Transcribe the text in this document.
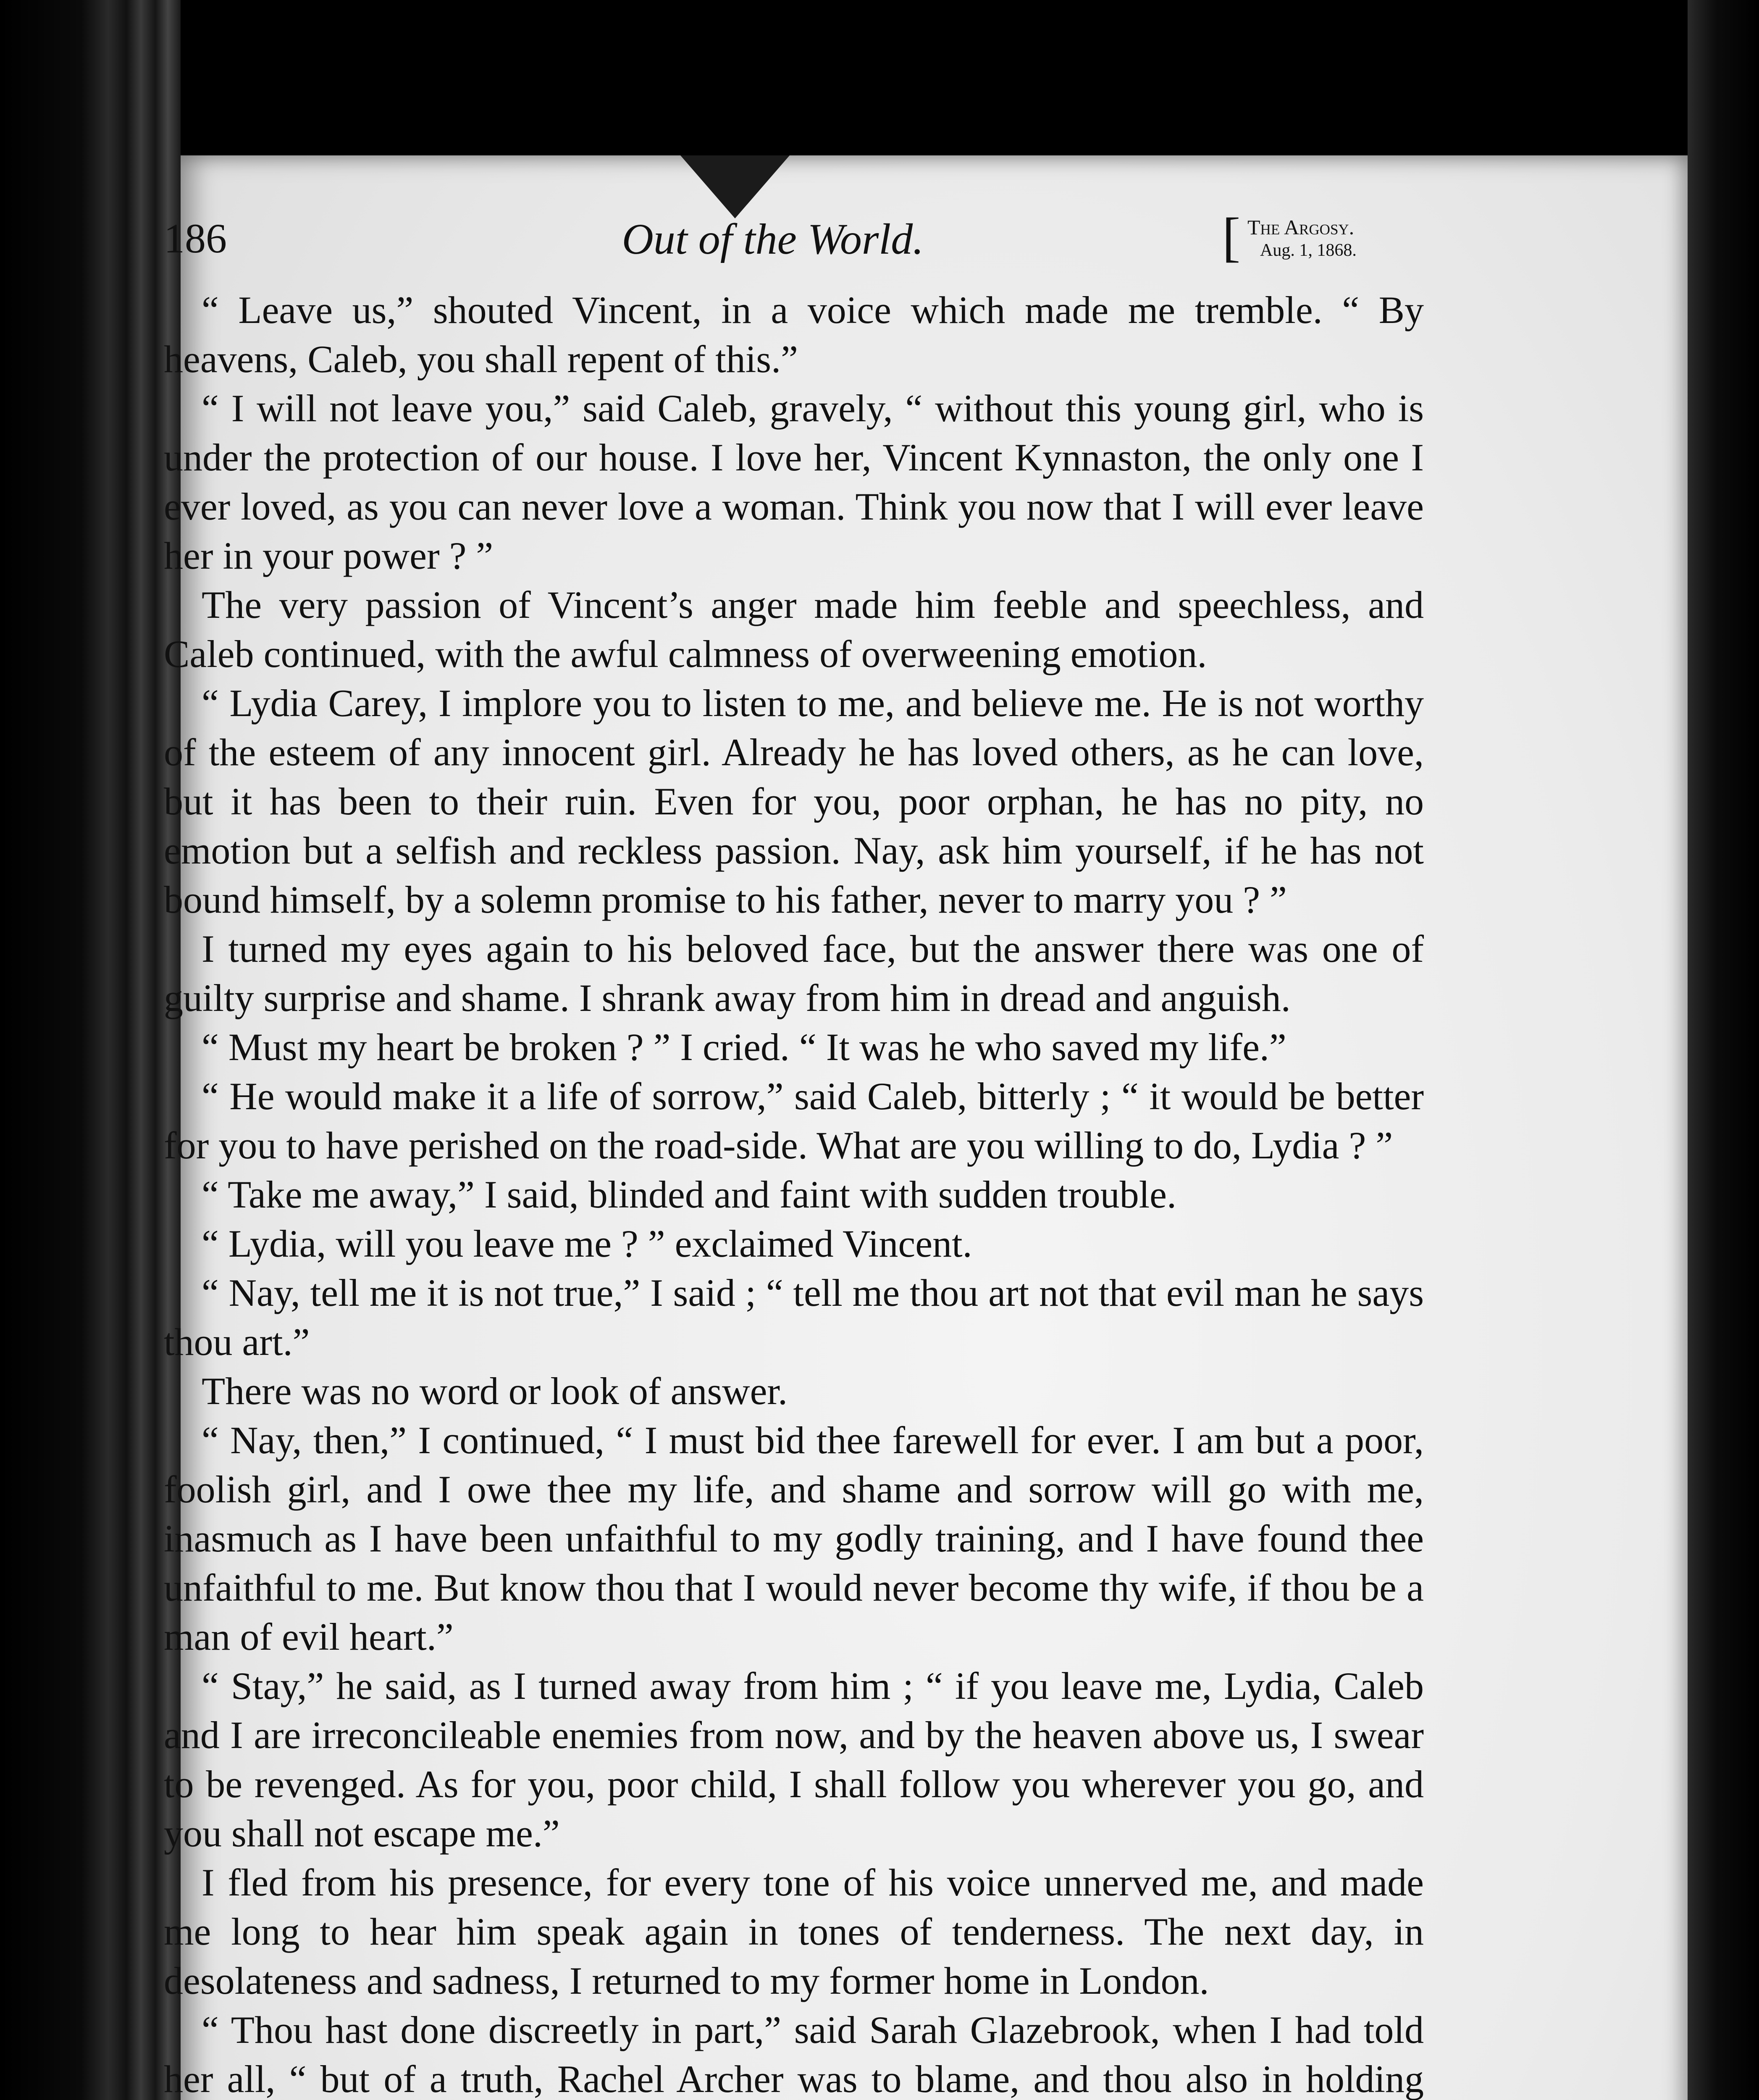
186	Out of the World.	[ The Argosy.
Aug. 1, 1868.

“ Leave us,” shouted Vincent, in a voice which made me tremble. “ By heavens, Caleb, you shall repent of this.”

“ I will not leave you,” said Caleb, gravely, “ without this young girl, who is under the protection of our house. I love her, Vincent Kynnaston, the only one I ever loved, as you can never love a woman. Think you now that I will ever leave her in your power ? ”

The very passion of Vincent’s anger made him feeble and speechless, and Caleb continued, with the awful calmness of overweening emotion.

“ Lydia Carey, I implore you to listen to me, and believe me. He is not worthy of the esteem of any innocent girl. Already he has loved others, as he can love, but it has been to their ruin. Even for you, poor orphan, he has no pity, no emotion but a selfish and reckless passion. Nay, ask him yourself, if he has not bound himself, by a solemn promise to his father, never to marry you ? ”

I turned my eyes again to his beloved face, but the answer there was one of guilty surprise and shame. I shrank away from him in dread and anguish.

“ Must my heart be broken ? ” I cried. “ It was he who saved my life.”

“ He would make it a life of sorrow,” said Caleb, bitterly ; “ it would be better for you to have perished on the road-side. What are you willing to do, Lydia ? ”

“ Take me away,” I said, blinded and faint with sudden trouble.

“ Lydia, will you leave me ? ” exclaimed Vincent.

“ Nay, tell me it is not true,” I said ; “ tell me thou art not that evil man he says thou art.”

There was no word or look of answer.

“ Nay, then,” I continued, “ I must bid thee farewell for ever. I am but a poor, foolish girl, and I owe thee my life, and shame and sorrow will go with me, inasmuch as I have been unfaithful to my godly training, and I have found thee unfaithful to me. But know thou that I would never become thy wife, if thou be a man of evil heart.”

“ Stay,” he said, as I turned away from him ; “ if you leave me, Lydia, Caleb and I are irreconcileable enemies from now, and by the heaven above us, I swear to be revenged. As for you, poor child, I shall follow you wherever you go, and you shall not escape me.”

I fled from his presence, for every tone of his voice unnerved me, and made me long to hear him speak again in tones of tenderness. The next day, in desolateness and sadness, I returned to my former home in London.

“ Thou hast done discreetly in part,” said Sarah Glazebrook, when I had told her all, “ but of a truth, Rachel Archer was to blame, and thou also in holding
